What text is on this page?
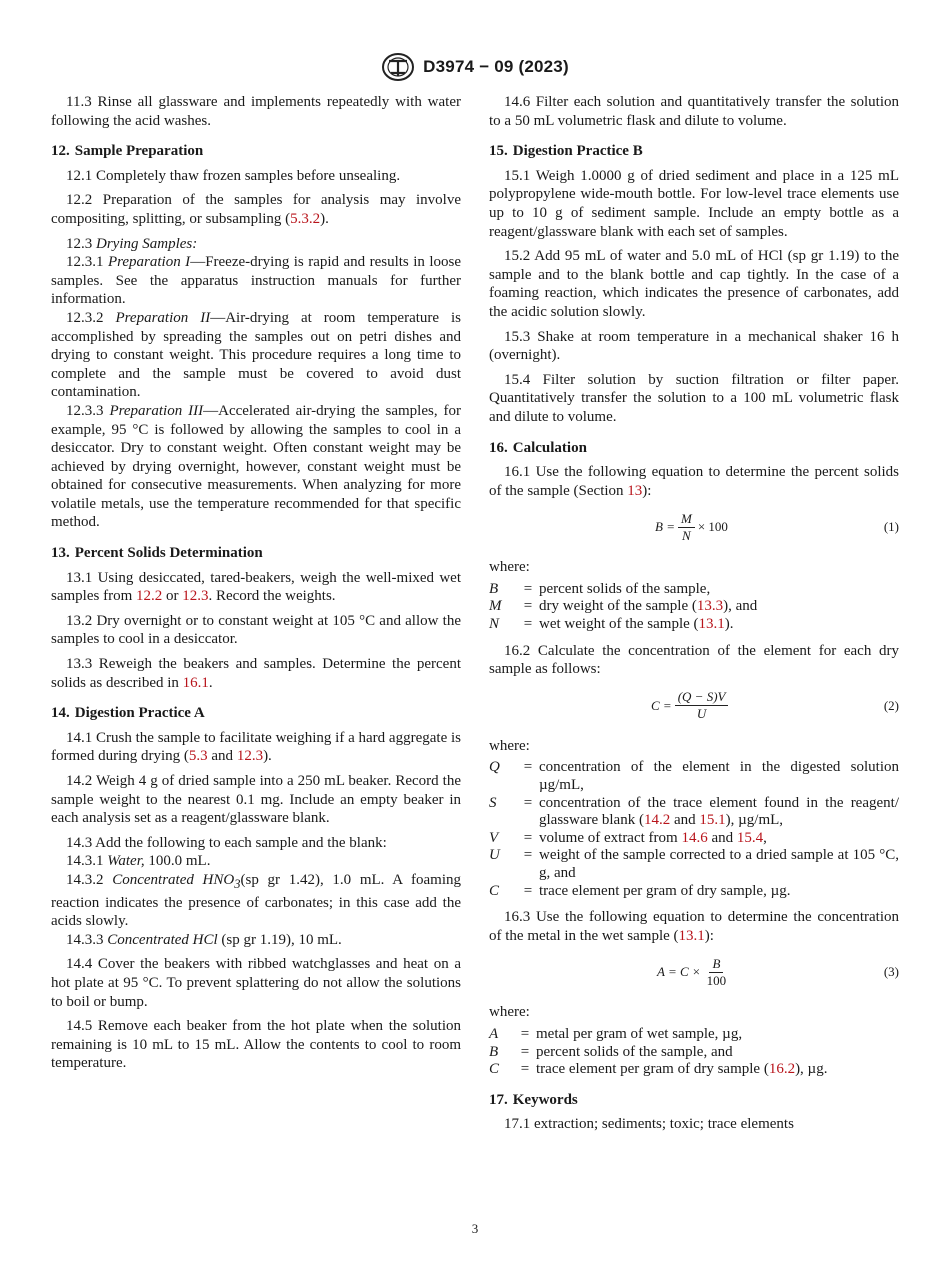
D3974 − 09 (2023)

11.3 Rinse all glassware and implements repeatedly with water following the acid washes.

12. Sample Preparation

12.1 Completely thaw frozen samples before unsealing.

12.2 Preparation of the samples for analysis may involve compositing, splitting, or subsampling (5.3.2).

12.3 Drying Samples:

12.3.1 Preparation I—Freeze-drying is rapid and results in loose samples. See the apparatus instruction manuals for further information.

12.3.2 Preparation II—Air-drying at room temperature is accomplished by spreading the samples out on petri dishes and drying to constant weight. This procedure requires a long time to complete and the sample must be covered to avoid dust contamination.

12.3.3 Preparation III—Accelerated air-drying the samples, for example, 95 °C is followed by allowing the samples to cool in a desiccator. Dry to constant weight. Often constant weight may be achieved by drying overnight, however, constant weight must be obtained for consecutive measurements. When analyzing for more volatile metals, use the temperature recommended for that specific method.

13. Percent Solids Determination

13.1 Using desiccated, tared-beakers, weigh the well-mixed wet samples from 12.2 or 12.3. Record the weights.

13.2 Dry overnight or to constant weight at 105 °C and allow the samples to cool in a desiccator.

13.3 Reweigh the beakers and samples. Determine the percent solids as described in 16.1.

14. Digestion Practice A

14.1 Crush the sample to facilitate weighing if a hard aggregate is formed during drying (5.3 and 12.3).

14.2 Weigh 4 g of dried sample into a 250 mL beaker. Record the sample weight to the nearest 0.1 mg. Include an empty beaker in each analysis set as a reagent/glassware blank.

14.3 Add the following to each sample and the blank:

14.3.1 Water, 100.0 mL.

14.3.2 Concentrated $HNO_3(sp$ gr 1.42), 1.0 mL. A foaming reaction indicates the presence of carbonates; in this case add the acids slowly.

14.3.3 Concentrated HCl (sp gr 1.19), 10 mL.

14.4 Cover the beakers with ribbed watchglasses and heat on a hot plate at 95 °C. To prevent splattering do not allow the solutions to boil or bump.

14.5 Remove each beaker from the hot plate when the solution remaining is 10 mL to 15 mL. Allow the contents to cool to room temperature.

14.6 Filter each solution and quantitatively transfer the solution to a 50 mL volumetric flask and dilute to volume.

15. Digestion Practice B

15.1 Weigh 1.0000 g of dried sediment and place in a 125 mL polypropylene wide-mouth bottle. For low-level trace elements use up to 10 g of sediment sample. Include an empty bottle as a reagent/glassware blank with each set of samples.

15.2 Add 95 mL of water and 5.0 mL of HCl (sp gr 1.19) to the sample and to the blank bottle and cap tightly. In the case of a foaming reaction, which indicates the presence of carbonates, add the acidic solution slowly.

15.3 Shake at room temperature in a mechanical shaker 16 h (overnight).

15.4 Filter solution by suction filtration or filter paper. Quantitatively transfer the solution to a 100 mL volumetric flask and dilute to volume.

16. Calculation

16.1 Use the following equation to determine the percent solids of the sample (Section 13):

$B = \frac{M}{N} \times 100$	(1)

where:

B	= percent solids of the sample,
M	= dry weight of the sample (13.3), and
N	= wet weight of the sample (13.1).

16.2 Calculate the concentration of the element for each dry sample as follows:

$C = \frac{(Q - S)V}{U}$	(2)

where:

Q	= concentration of the element in the digested solution µg/mL,
S	= concentration of the trace element found in the reagent/ glassware blank (14.2 and 15.1), µg/mL,
V	= volume of extract from 14.6 and 15.4,
U	= weight of the sample corrected to a dried sample at 105 °C, g, and
C	= trace element per gram of dry sample, µg.

16.3 Use the following equation to determine the concentration of the metal in the wet sample (13.1):

$A = C \times \frac{B}{100}$	(3)

where:

A	= metal per gram of wet sample, µg,
B	= percent solids of the sample, and
C	= trace element per gram of dry sample (16.2), µg.
17. Keywords

17.1 extraction; sediments; toxic; trace elements

3
